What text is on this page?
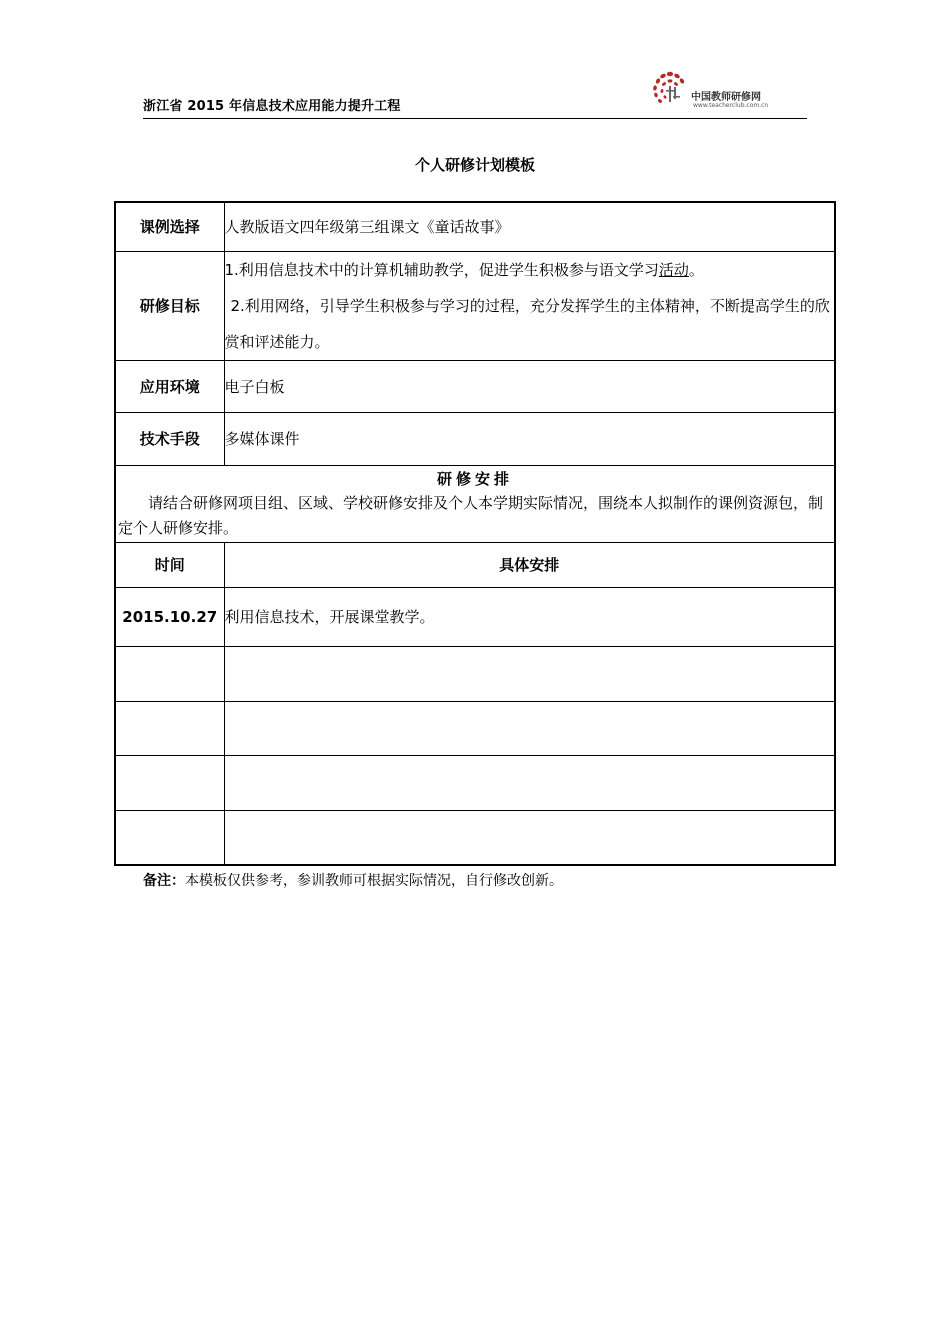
浙江省 2015 年信息技术应用能力提升工程
中国教师研修网
www.teacherclub.com.cn
个人研修计划模板
课例选择	人教版语文四年级第三组课文《童话故事》
研修目标	1.利用信息技术中的计算机辅助教学，促进学生积极参与语文学习活动。
2.利用网络，引导学生积极参与学习的过程，充分发挥学生的主体精神，不断提高学生的欣赏和评述能力。

应用环境	电子白板
技术手段	多媒体课件

研修安排
请结合研修网项目组、区域、学校研修安排及个人本学期实际情况，围绕本人拟制作的课例资源包，制定个人研修安排。	

时间	具体安排
2015.10.27	利用信息技术，开展课堂教学。

备注：本模板仅供参考，参训教师可根据实际情况，自行修改创新。
